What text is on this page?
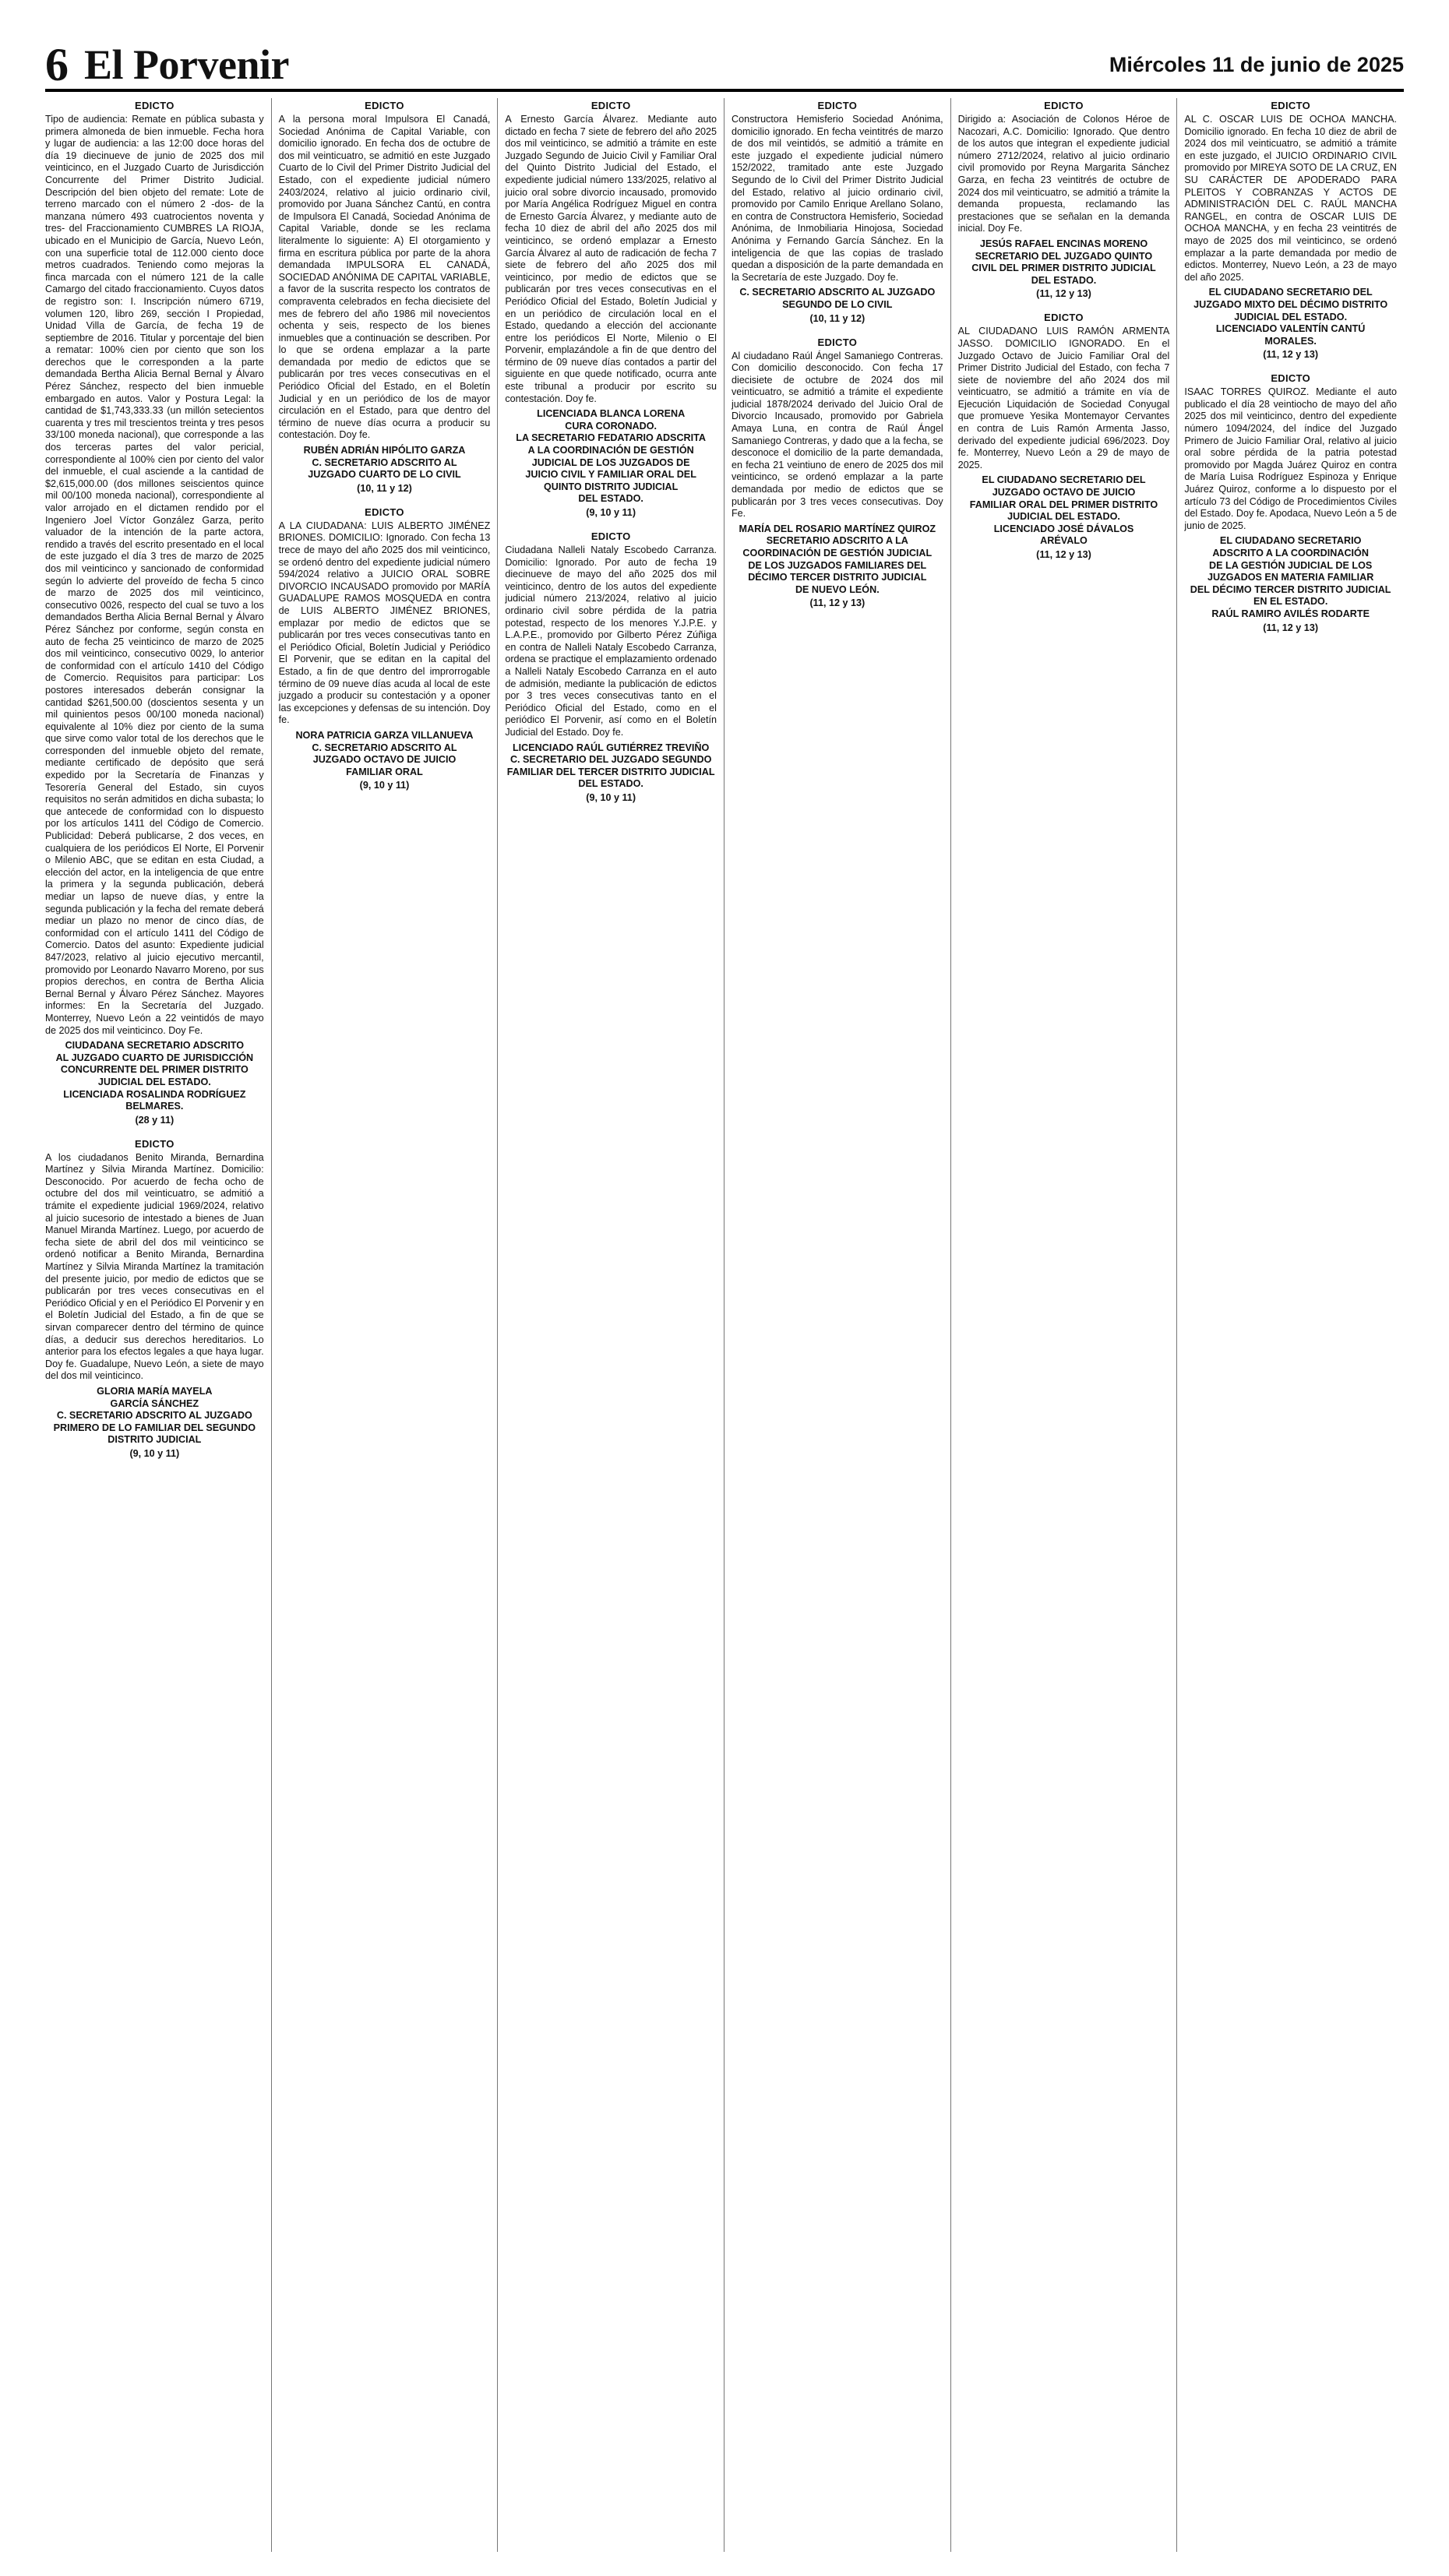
6 El Porvenir	Miércoles 11 de junio de 2025
EDICTO

Tipo de audiencia: Remate en pública subasta y primera almoneda de bien inmueble. Fecha hora y lugar de audiencia: a las 12:00 doce horas del día 19 diecinueve de junio de 2025 dos mil veinticinco, en el Juzgado Cuarto de Jurisdicción Concurrente del Primer Distrito Judicial. Descripción del bien objeto del remate: Lote de terreno marcado con el número 2 -dos- de la manzana número 493 cuatrocientos noventa y tres- del Fraccionamiento CUMBRES LA RIOJA, ubicado en el Municipio de García, Nuevo León, con una superficie total de 112.000 ciento doce metros cuadrados. Teniendo como mejoras la finca marcada con el número 121 de la calle Camargo del citado fraccionamiento. Cuyos datos de registro son: I. Inscripción número 6719, volumen 120, libro 269, sección I Propiedad, Unidad Villa de García, de fecha 19 de septiembre de 2016. Titular y porcentaje del bien a rematar: 100% cien por ciento que son los derechos que le corresponden a la parte demandada Bertha Alicia Bernal Bernal y Álvaro Pérez Sánchez, respecto del bien inmueble embargado en autos. Valor y Postura Legal: la cantidad de $1,743,333.33 (un millón setecientos cuarenta y tres mil trescientos treinta y tres pesos 33/100 moneda nacional), que corresponde a las dos terceras partes del valor pericial, correspondiente al 100% cien por ciento del valor del inmueble, el cual asciende a la cantidad de $2,615,000.00 (dos millones seiscientos quince mil 00/100 moneda nacional), correspondiente al valor arrojado en el dictamen rendido por el Ingeniero Joel Víctor González Garza, perito valuador de la intención de la parte actora, rendido a través del escrito presentado en el local de este juzgado el día 3 tres de marzo de 2025 dos mil veinticinco y sancionado de conformidad según lo advierte del proveído de fecha 5 cinco de marzo de 2025 dos mil veinticinco, consecutivo 0026, respecto del cual se tuvo a los demandados Bertha Alicia Bernal Bernal y Álvaro Pérez Sánchez por conforme, según consta en auto de fecha 25 veinticinco de marzo de 2025 dos mil veinticinco, consecutivo 0029, lo anterior de conformidad con el artículo 1410 del Código de Comercio. Requisitos para participar: Los postores interesados deberán consignar la cantidad $261,500.00 (doscientos sesenta y un mil quinientos pesos 00/100 moneda nacional) equivalente al 10% diez por ciento de la suma que sirve como valor total de los derechos que le corresponden del inmueble objeto del remate, mediante certificado de depósito que será expedido por la Secretaría de Finanzas y Tesorería General del Estado, sin cuyos requisitos no serán admitidos en dicha subasta; lo que antecede de conformidad con lo dispuesto por los artículos 1411 del Código de Comercio. Publicidad: Deberá publicarse, 2 dos veces, en cualquiera de los periódicos El Norte, El Porvenir o Milenio ABC, que se editan en esta Ciudad, a elección del actor, en la inteligencia de que entre la primera y la segunda publicación, deberá mediar un lapso de nueve días, y entre la segunda publicación y la fecha del remate deberá mediar un plazo no menor de cinco días, de conformidad con el artículo 1411 del Código de Comercio. Datos del asunto: Expediente judicial 847/2023, relativo al juicio ejecutivo mercantil, promovido por Leonardo Navarro Moreno, por sus propios derechos, en contra de Bertha Alicia Bernal Bernal y Álvaro Pérez Sánchez. Mayores informes: En la Secretaría del Juzgado. Monterrey, Nuevo León a 22 veintidós de mayo de 2025 dos mil veinticinco. Doy Fe.

CIUDADANA SECRETARIO ADSCRITO
AL JUZGADO CUARTO DE JURISDICCIÓN
CONCURRENTE DEL PRIMER DISTRITO
JUDICIAL DEL ESTADO.
LICENCIADA ROSALINDA RODRÍGUEZ
BELMARES.
(28 y 11)
EDICTO

A los ciudadanos Benito Miranda, Bernardina Martínez y Silvia Miranda Martínez. Domicilio: Desconocido. Por acuerdo de fecha ocho de octubre del dos mil veinticuatro, se admitió a trámite el expediente judicial 1969/2024, relativo al juicio sucesorio de intestado a bienes de Juan Manuel Miranda Martínez. Luego, por acuerdo de fecha siete de abril del dos mil veinticinco se ordenó notificar a Benito Miranda, Bernardina Martínez y Silvia Miranda Martínez la tramitación del presente juicio, por medio de edictos que se publicarán por tres veces consecutivas en el Periódico Oficial y en el Periódico El Porvenir y en el Boletín Judicial del Estado, a fin de que se sirvan comparecer dentro del término de quince días, a deducir sus derechos hereditarios. Lo anterior para los efectos legales a que haya lugar. Doy fe. Guadalupe, Nuevo León, a siete de mayo del dos mil veinticinco.

GLORIA MARÍA MAYELA
GARCÍA SÁNCHEZ
C. SECRETARIO ADSCRITO AL JUZGADO
PRIMERO DE LO FAMILIAR DEL SEGUNDO
DISTRITO JUDICIAL
(9, 10 y 11)
EDICTO

A la persona moral Impulsora El Canadá, Sociedad Anónima de Capital Variable, con domicilio ignorado. En fecha dos de octubre de dos mil veinticuatro, se admitió en este Juzgado Cuarto de lo Civil del Primer Distrito Judicial del Estado, con el expediente judicial número 2403/2024, relativo al juicio ordinario civil, promovido por Juana Sánchez Cantú, en contra de Impulsora El Canadá, Sociedad Anónima de Capital Variable, donde se les reclama literalmente lo siguiente: A) El otorgamiento y firma en escritura pública por parte de la ahora demandada IMPULSORA EL CANADÁ, SOCIEDAD ANÓNIMA DE CAPITAL VARIABLE, a favor de la suscrita respecto los contratos de compraventa celebrados en fecha diecisiete del mes de febrero del año 1986 mil novecientos ochenta y seis, respecto de los bienes inmuebles que a continuación se describen. Por lo que se ordena emplazar a la parte demandada por medio de edictos que se publicarán por tres veces consecutivas en el Periódico Oficial del Estado, en el Boletín Judicial y en un periódico de los de mayor circulación en el Estado, para que dentro del término de nueve días ocurra a producir su contestación. Doy fe.

RUBÉN ADRIÁN HIPÓLITO GARZA
C. SECRETARIO ADSCRITO AL
JUZGADO CUARTO DE LO CIVIL
(10, 11 y 12)
EDICTO

A LA CIUDADANA: LUIS ALBERTO JIMÉNEZ BRIONES. DOMICILIO: Ignorado. Con fecha 13 trece de mayo del año 2025 dos mil veinticinco, se ordenó dentro del expediente judicial número 594/2024 relativo a JUICIO ORAL SOBRE DIVORCIO INCAUSADO promovido por MARÍA GUADALUPE RAMOS MOSQUEDA en contra de LUIS ALBERTO JIMÉNEZ BRIONES, emplazar por medio de edictos que se publicarán por tres veces consecutivas tanto en el Periódico Oficial, Boletín Judicial y Periódico El Porvenir, que se editan en la capital del Estado, a fin de que dentro del improrrogable término de 09 nueve días acuda al local de este juzgado a producir su contestación y a oponer las excepciones y defensas de su intención. Doy fe.

NORA PATRICIA GARZA VILLANUEVA
C. SECRETARIO ADSCRITO AL
JUZGADO OCTAVO DE JUICIO
FAMILIAR ORAL
(9, 10 y 11)
EDICTO

A Ernesto García Álvarez. Mediante auto dictado en fecha 7 siete de febrero del año 2025 dos mil veinticinco, se admitió a trámite en este Juzgado Segundo de Juicio Civil y Familiar Oral del Quinto Distrito Judicial del Estado, el expediente judicial número 133/2025, relativo al juicio oral sobre divorcio incausado, promovido por María Angélica Rodríguez Miguel en contra de Ernesto García Álvarez, y mediante auto de fecha 10 diez de abril del año 2025 dos mil veinticinco, se ordenó emplazar a Ernesto García Álvarez al auto de radicación de fecha 7 siete de febrero del año 2025 dos mil veinticinco, por medio de edictos que se publicarán por tres veces consecutivas en el Periódico Oficial del Estado, Boletín Judicial y en un periódico de circulación local en el Estado, quedando a elección del accionante entre los periódicos El Norte, Milenio o El Porvenir, emplazándole a fin de que dentro del término de 09 nueve días contados a partir del siguiente en que quede notificado, ocurra ante este tribunal a producir por escrito su contestación. Doy fe.

LICENCIADA BLANCA LORENA
CURA CORONADO.
LA SECRETARIO FEDATARIO ADSCRITA
A LA COORDINACIÓN DE GESTIÓN
JUDICIAL DE LOS JUZGADOS DE
JUICIO CIVIL Y FAMILIAR ORAL DEL
QUINTO DISTRITO JUDICIAL
DEL ESTADO.
(9, 10 y 11)
EDICTO

Ciudadana Nalleli Nataly Escobedo Carranza. Domicilio: Ignorado. Por auto de fecha 19 diecinueve de mayo del año 2025 dos mil veinticinco, dentro de los autos del expediente judicial número 213/2024, relativo al juicio ordinario civil sobre pérdida de la patria potestad, respecto de los menores Y.J.P.E. y L.A.P.E., promovido por Gilberto Pérez Zúñiga en contra de Nalleli Nataly Escobedo Carranza, ordena se practique el emplazamiento ordenado a Nalleli Nataly Escobedo Carranza en el auto de admisión, mediante la publicación de edictos por 3 tres veces consecutivas tanto en el Periódico Oficial del Estado, como en el periódico El Porvenir, así como en el Boletín Judicial del Estado. Doy fe.

LICENCIADO RAÚL GUTIÉRREZ TREVIÑO
C. SECRETARIO DEL JUZGADO SEGUNDO
FAMILIAR DEL TERCER DISTRITO JUDICIAL
DEL ESTADO.
(9, 10 y 11)
EDICTO

Constructora Hemisferio Sociedad Anónima, domicilio ignorado. En fecha veintitrés de marzo de dos mil veintidós, se admitió a trámite en este juzgado el expediente judicial número 152/2022, tramitado ante este Juzgado Segundo de lo Civil del Primer Distrito Judicial del Estado, relativo al juicio ordinario civil, promovido por Camilo Enrique Arellano Solano, en contra de Constructora Hemisferio, Sociedad Anónima, de Inmobiliaria Hinojosa, Sociedad Anónima y Fernando García Sánchez. En la inteligencia de que las copias de traslado quedan a disposición de la parte demandada en la Secretaría de este Juzgado. Doy fe.

C. SECRETARIO ADSCRITO AL JUZGADO
SEGUNDO DE LO CIVIL
(10, 11 y 12)
EDICTO

Al ciudadano Raúl Ángel Samaniego Contreras. Con domicilio desconocido. Con fecha 17 diecisiete de octubre de 2024 dos mil veinticuatro, se admitió a trámite el expediente judicial 1878/2024 derivado del Juicio Oral de Divorcio Incausado, promovido por Gabriela Amaya Luna, en contra de Raúl Ángel Samaniego Contreras, y dado que a la fecha, se desconoce el domicilio de la parte demandada, en fecha 21 veintiuno de enero de 2025 dos mil veinticinco, se ordenó emplazar a la parte demandada por medio de edictos que se publicarán por 3 tres veces consecutivas. Doy Fe.

MARÍA DEL ROSARIO MARTÍNEZ QUIROZ
SECRETARIO ADSCRITO A LA
COORDINACIÓN DE GESTIÓN JUDICIAL
DE LOS JUZGADOS FAMILIARES DEL
DÉCIMO TERCER DISTRITO JUDICIAL
DE NUEVO LEÓN.
(11, 12 y 13)
EDICTO

Dirigido a: Asociación de Colonos Héroe de Nacozari, A.C. Domicilio: Ignorado. Que dentro de los autos que integran el expediente judicial número 2712/2024, relativo al juicio ordinario civil promovido por Reyna Margarita Sánchez Garza, en fecha 23 veintitrés de octubre de 2024 dos mil veinticuatro, se admitió a trámite la demanda propuesta, reclamando las prestaciones que se señalan en la demanda inicial. Doy Fe.

JESÚS RAFAEL ENCINAS MORENO
SECRETARIO DEL JUZGADO QUINTO
CIVIL DEL PRIMER DISTRITO JUDICIAL
DEL ESTADO.
(11, 12 y 13)
EDICTO

AL CIUDADANO LUIS RAMÓN ARMENTA JASSO. DOMICILIO IGNORADO. En el Juzgado Octavo de Juicio Familiar Oral del Primer Distrito Judicial del Estado, con fecha 7 siete de noviembre del año 2024 dos mil veinticuatro, se admitió a trámite en vía de Ejecución Liquidación de Sociedad Conyugal que promueve Yesika Montemayor Cervantes en contra de Luis Ramón Armenta Jasso, derivado del expediente judicial 696/2023. Doy fe. Monterrey, Nuevo León a 29 de mayo de 2025.

EL CIUDADANO SECRETARIO DEL
JUZGADO OCTAVO DE JUICIO
FAMILIAR ORAL DEL PRIMER DISTRITO
JUDICIAL DEL ESTADO.
LICENCIADO JOSÉ DÁVALOS
ARÉVALO
(11, 12 y 13)
EDICTO

AL C. OSCAR LUIS DE OCHOA MANCHA. Domicilio ignorado. En fecha 10 diez de abril de 2024 dos mil veinticuatro, se admitió a trámite en este juzgado, el JUICIO ORDINARIO CIVIL promovido por MIREYA SOTO DE LA CRUZ, EN SU CARÁCTER DE APODERADO PARA PLEITOS Y COBRANZAS Y ACTOS DE ADMINISTRACIÓN DEL C. RAÚL MANCHA RANGEL, en contra de OSCAR LUIS DE OCHOA MANCHA, y en fecha 23 veintitrés de mayo de 2025 dos mil veinticinco, se ordenó emplazar a la parte demandada por medio de edictos. Monterrey, Nuevo León, a 23 de mayo del año 2025.

EL CIUDADANO SECRETARIO DEL
JUZGADO MIXTO DEL DÉCIMO DISTRITO
JUDICIAL DEL ESTADO.
LICENCIADO VALENTÍN CANTÚ
MORALES.
(11, 12 y 13)
EDICTO

ISAAC TORRES QUIROZ. Mediante el auto publicado el día 28 veintiocho de mayo del año 2025 dos mil veinticinco, dentro del expediente número 1094/2024, del índice del Juzgado Primero de Juicio Familiar Oral, relativo al juicio oral sobre pérdida de la patria potestad promovido por Magda Juárez Quiroz en contra de María Luisa Rodríguez Espinoza y Enrique Juárez Quiroz, conforme a lo dispuesto por el artículo 73 del Código de Procedimientos Civiles del Estado. Doy fe. Apodaca, Nuevo León a 5 de junio de 2025.

EL CIUDADANO SECRETARIO
ADSCRITO A LA COORDINACIÓN
DE LA GESTIÓN JUDICIAL DE LOS
JUZGADOS EN MATERIA FAMILIAR
DEL DÉCIMO TERCER DISTRITO JUDICIAL
EN EL ESTADO.
RAÚL RAMIRO AVILÉS RODARTE
(11, 12 y 13)
